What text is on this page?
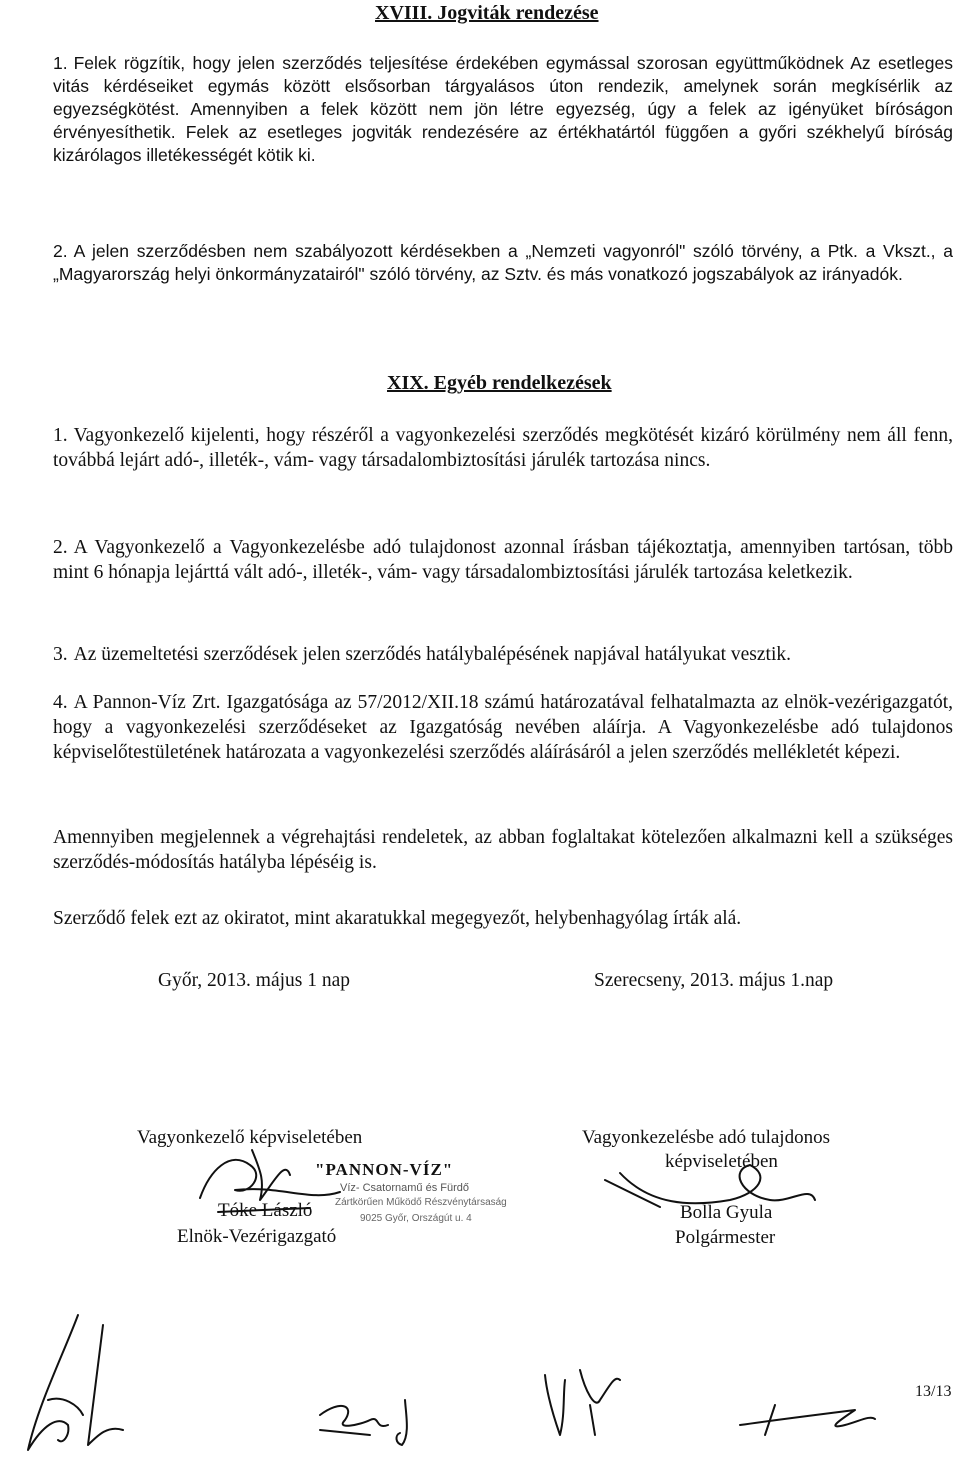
XVIII. Jogviták rendezése
1. Felek rögzítik, hogy jelen szerződés teljesítése érdekében egymással szorosan együttműködnek Az esetleges vitás kérdéseiket egymás között elsősorban tárgyalásos úton rendezik, amelynek során megkísérlik az egyezségkötést. Amennyiben a felek között nem jön létre egyezség, úgy a felek az igényüket bíróságon érvényesíthetik. Felek az esetleges jogviták rendezésére az értékhatártól függően a győri székhelyű bíróság kizárólagos illetékességét kötik ki.
2. A jelen szerződésben nem szabályozott kérdésekben a „Nemzeti vagyonról" szóló törvény, a Ptk. a Vkszt., a „Magyarország helyi önkormányzatairól" szóló törvény, az Sztv. és más vonatkozó jogszabályok az irányadók.
XIX. Egyéb rendelkezések
1. Vagyonkezelő kijelenti, hogy részéről a vagyonkezelési szerződés megkötését kizáró körülmény nem áll fenn, továbbá lejárt adó-, illeték-, vám- vagy társadalombiztosítási járulék tartozása nincs.
2. A Vagyonkezelő a Vagyonkezelésbe adó tulajdonost azonnal írásban tájékoztatja, amennyiben tartósan, több mint 6 hónapja lejárttá vált adó-, illeték-, vám- vagy társadalombiztosítási járulék tartozása keletkezik.
3. Az üzemeltetési szerződések jelen szerződés hatálybalépésének napjával hatályukat vesztik.
4. A Pannon-Víz Zrt. Igazgatósága az 57/2012/XII.18 számú határozatával felhatalmazta az elnök-vezérigazgatót, hogy a vagyonkezelési szerződéseket az Igazgatóság nevében aláírja. A Vagyonkezelésbe adó tulajdonos képviselőtestületének határozata a vagyonkezelési szerződés aláírásáról a jelen szerződés mellékletét képezi.
Amennyiben megjelennek a végrehajtási rendeletek, az abban foglaltakat kötelezően alkalmazni kell a szükséges szerződés-módosítás hatályba lépéséig is.
Szerződő felek ezt az okiratot, mint akaratukkal megegyezőt, helybenhagyólag írták alá.
Győr, 2013. május 1 nap	Szerecseny, 2013. május 1.nap
Vagyonkezelő képviseletében
"PANNON-VÍZ"
Víz- Csatornamű és Fürdő
Zártkörűen Működő Részvénytársaság
9025 Győr, Országút u. 4
Tóke László
Elnök-Vezérigazgató
Vagyonkezelésbe adó tulajdonos
képviseletében
Bolla Gyula
Polgármester
13/13
